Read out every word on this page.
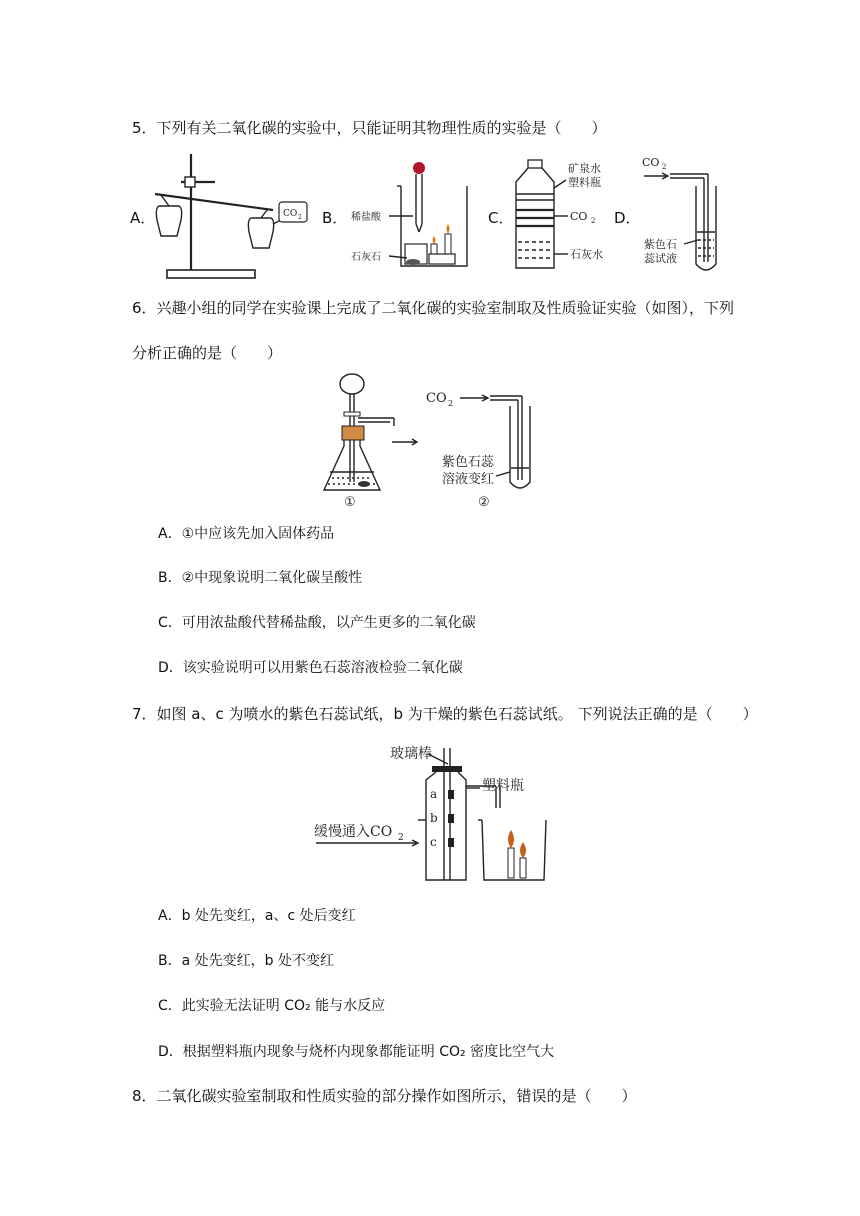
5．下列有关二氧化碳的实验中，只能证明其物理性质的实验是（　　）
A．	CO 2 B． 稀盐酸
石灰石
C．
矿泉水
塑料瓶
CO 2
石灰水
D．
CO 2
紫色石
蕊试液
6．兴趣小组的同学在实验课上完成了二氧化碳的实验室制取及性质验证实验（如图），下列
分析正确的是（　　）
①
CO 2
紫色石蕊
溶液变红
②
A．①中应该先加入固体药品
B．②中现象说明二氧化碳呈酸性
C．可用浓盐酸代替稀盐酸，以产生更多的二氧化碳
D．该实验说明可以用紫色石蕊溶液检验二氧化碳
7．如图 a、c 为喷水的紫色石蕊试纸，b 为干燥的紫色石蕊试纸。 下列说法正确的是（　　）
玻璃棒
a
b
c
塑料瓶
缓慢通入CO 2
A．b 处先变红，a、c 处后变红
B．a 处先变红，b 处不变红
C．此实验无法证明 CO₂ 能与水反应
D．根据塑料瓶内现象与烧杯内现象都能证明 CO₂ 密度比空气大
8．二氧化碳实验室制取和性质实验的部分操作如图所示，错误的是（　　）
